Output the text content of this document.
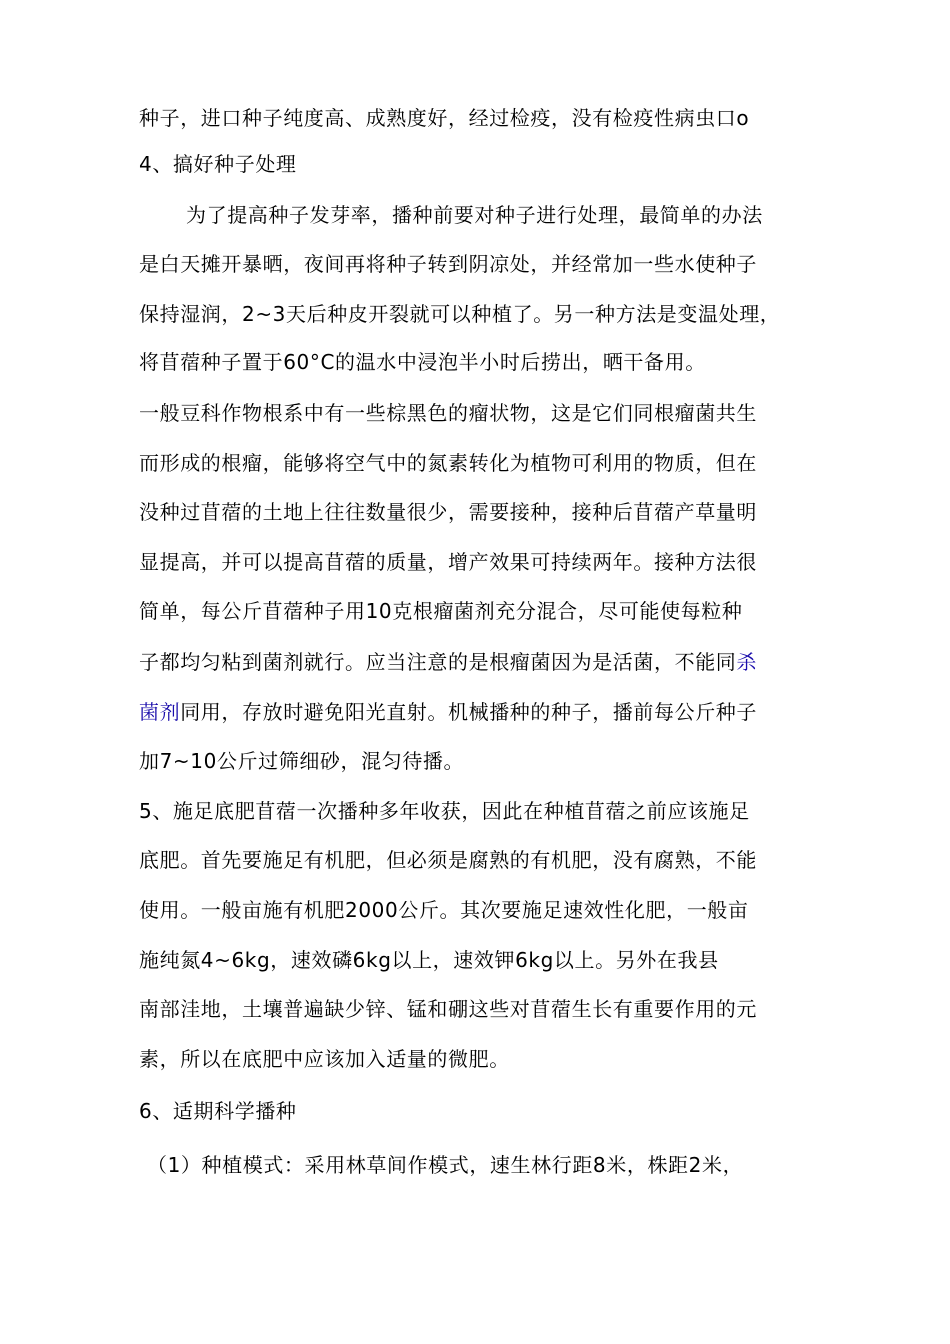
种子，进口种子纯度高、成熟度好，经过检疫，没有检疫性病虫口o
4、搞好种子处理
为了提高种子发芽率，播种前要对种子进行处理，最简单的办法
是白天摊开暴晒，夜间再将种子转到阴凉处，并经常加一些水使种子
保持湿润，2~3天后种皮开裂就可以种植了。另一种方法是变温处理，
将苜蓿种子置于60°C的温水中浸泡半小时后捞出，晒干备用。
一般豆科作物根系中有一些棕黑色的瘤状物，这是它们同根瘤菌共生
而形成的根瘤，能够将空气中的氮素转化为植物可利用的物质，但在
没种过苜蓿的土地上往往数量很少，需要接种，接种后苜蓿产草量明
显提高，并可以提高苜蓿的质量，增产效果可持续两年。接种方法很
简单，每公斤苜蓿种子用10克根瘤菌剂充分混合，尽可能使每粒种
子都均匀粘到菌剂就行。应当注意的是根瘤菌因为是活菌，不能同杀
菌剂同用，存放时避免阳光直射。机械播种的种子，播前每公斤种子
加7~10公斤过筛细砂，混匀待播。
5、施足底肥苜蓿一次播种多年收获，因此在种植苜蓿之前应该施足
底肥。首先要施足有机肥，但必须是腐熟的有机肥，没有腐熟，不能
使用。一般亩施有机肥2000公斤。其次要施足速效性化肥，一般亩
施纯氮4~6kg，速效磷6kg以上，速效钾6kg以上。另外在我县
南部洼地，土壤普遍缺少锌、锰和硼这些对苜蓿生长有重要作用的元
素，所以在底肥中应该加入适量的微肥。
6、适期科学播种
（1）种植模式：采用林草间作模式，速生林行距8米，株距2米，
